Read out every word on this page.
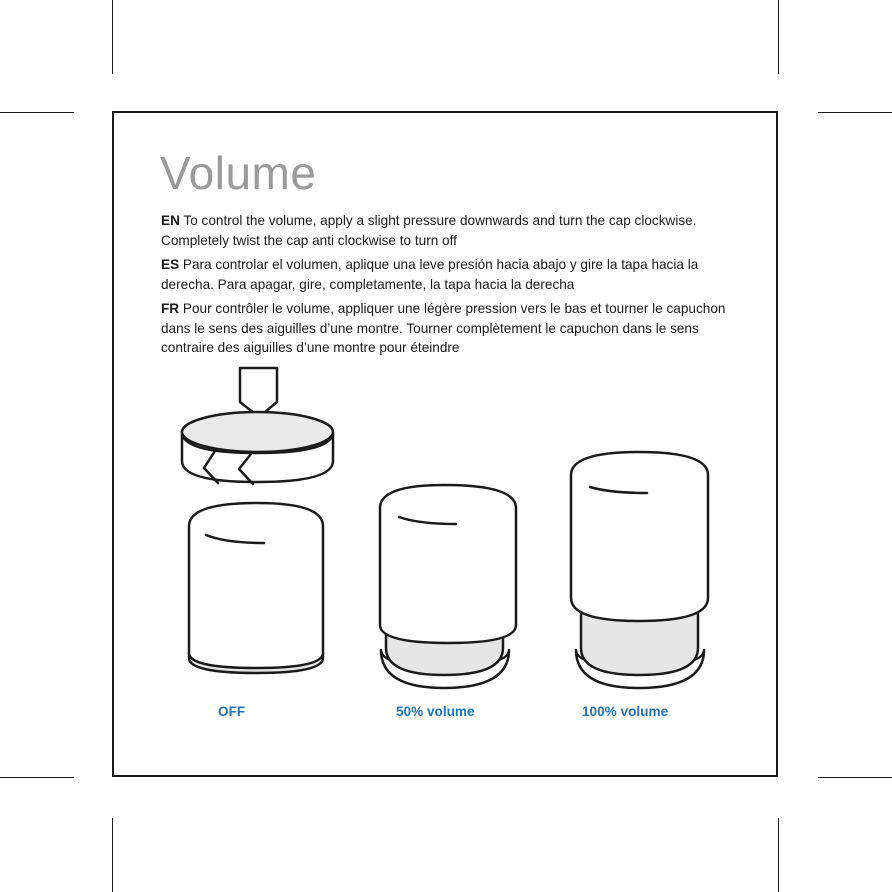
Volume

EN To control the volume, apply a slight pressure downwards and turn the cap clockwise. Completely twist the cap anti clockwise to turn off

ES Para controlar el volumen, aplique una leve presión hacia abajo y gire la tapa hacia la derecha. Para apagar, gire, completamente, la tapa hacia la derecha

FR Pour contrôler le volume, appliquer une légère pression vers le bas et tourner le capuchon dans le sens des aiguilles d’une montre. Tourner complètement le capuchon dans le sens contraire des aiguilles d’une montre pour éteindre

OFF	50% volume	100% volume
